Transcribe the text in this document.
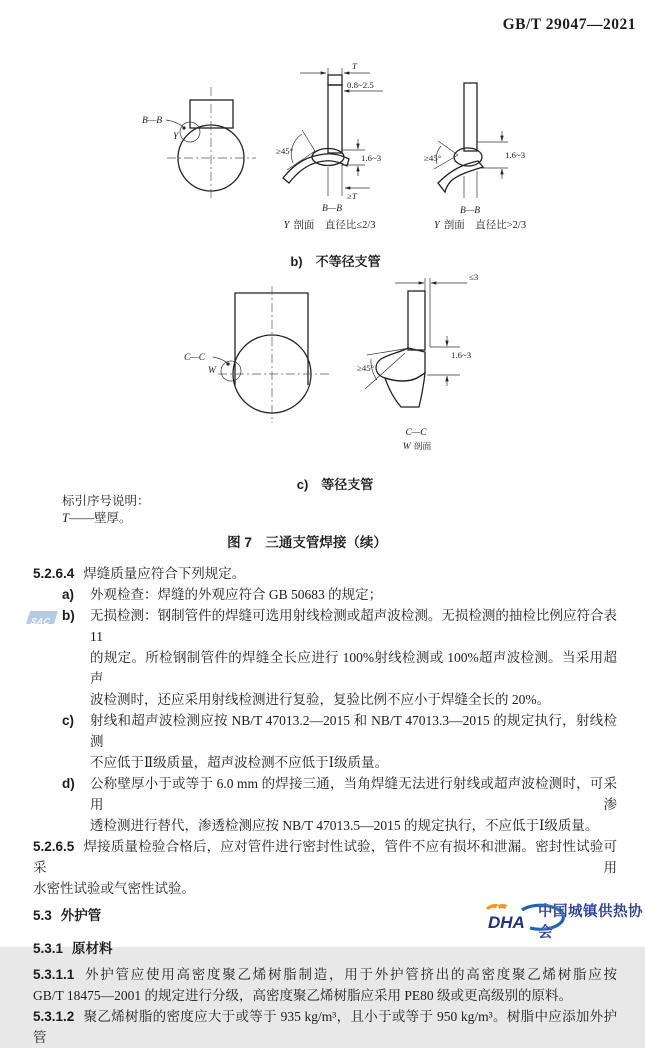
GB/T 29047—2021
B—B
Y
T
0.8~2.5
≥45°
1.6~3
≥T
B—B
≥45°	1.6~3
B—B
b)　不等径支管
Y 剖面　直径比≤2/3	Y 剖面　直径比>2/3
C—C
W
≤3
≥45°
1.6~3
C—C
W 剖面
c)　等径支管
标引序号说明：
T——壁厚。
图 7　三通支管焊接（续）
SAC
5.2.6.4 焊缝质量应符合下列规定。
a) 外观检查：焊缝的外观应符合 GB 50683 的规定；
b) 无损检测：钢制管件的焊缝可选用射线检测或超声波检测。无损检测的抽检比例应符合表 11
的规定。所检钢制管件的焊缝全长应进行 100%射线检测或 100%超声波检测。当采用超声
波检测时，还应采用射线检测进行复验，复验比例不应小于焊缝全长的 20%。
c) 射线和超声波检测应按 NB/T 47013.2—2015 和 NB/T 47013.3—2015 的规定执行，射线检测
不应低于Ⅱ级质量，超声波检测不应低于Ⅰ级质量。
d) 公称壁厚小于或等于 6.0 mm 的焊接三通，当角焊缝无法进行射线或超声波检测时，可采用渗
透检测进行替代，渗透检测应按 NB/T 47013.5—2015 的规定执行，不应低于Ⅰ级质量。
5.2.6.5 焊接质量检验合格后，应对管件进行密封性试验，管件不应有损坏和泄漏。密封性试验可采用
水密性试验或气密性试验。
5.3 外护管
5.3.1 原材料
5.3.1.1 外护管应使用高密度聚乙烯树脂制造，用于外护管挤出的高密度聚乙烯树脂应按
GB/T 18475—2001 的规定进行分级，高密度聚乙烯树脂应采用 PE80 级或更高级别的原料。
5.3.1.2 聚乙烯树脂的密度应大于或等于 935 kg/m³，且小于或等于 950 kg/m³。树脂中应添加外护管
DHA
中国城镇供热协会
